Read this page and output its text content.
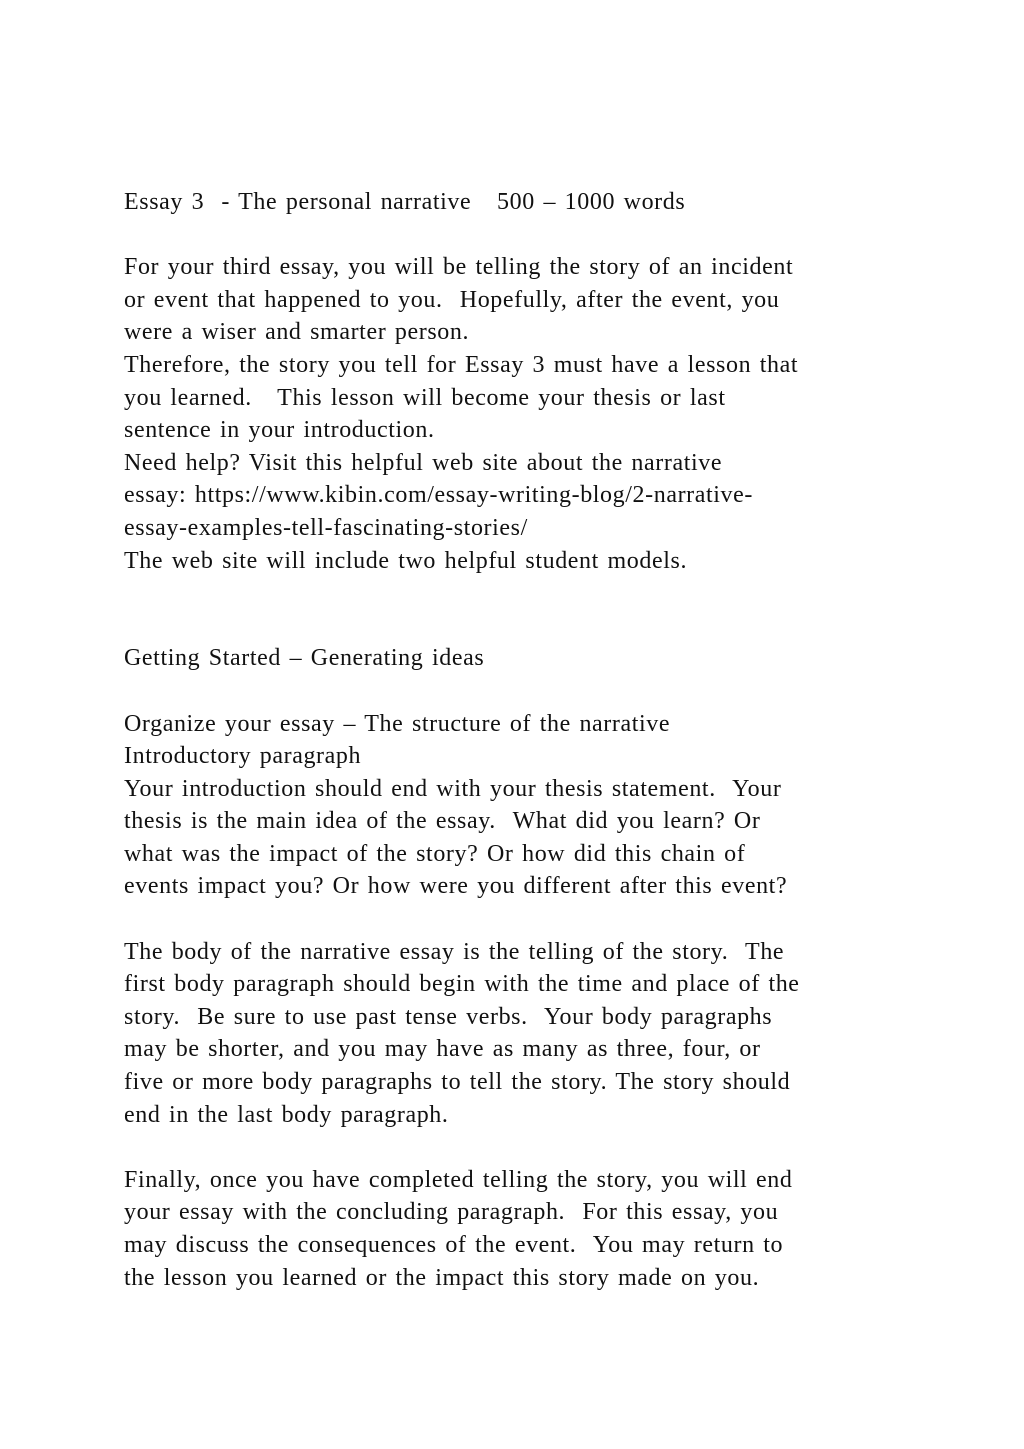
Essay 3  - The personal narrative   500 – 1000 words
For your third essay, you will be telling the story of an incident
or event that happened to you.  Hopefully, after the event, you
were a wiser and smarter person.
Therefore, the story you tell for Essay 3 must have a lesson that
you learned.   This lesson will become your thesis or last
sentence in your introduction.
Need help? Visit this helpful web site about the narrative
essay: https://www.kibin.com/essay-writing-blog/2-narrative-
essay-examples-tell-fascinating-stories/
The web site will include two helpful student models.
Getting Started – Generating ideas
Organize your essay – The structure of the narrative
Introductory paragraph
Your introduction should end with your thesis statement.  Your
thesis is the main idea of the essay.  What did you learn? Or
what was the impact of the story? Or how did this chain of
events impact you? Or how were you different after this event?
The body of the narrative essay is the telling of the story.  The
first body paragraph should begin with the time and place of the
story.  Be sure to use past tense verbs.  Your body paragraphs
may be shorter, and you may have as many as three, four, or
five or more body paragraphs to tell the story. The story should
end in the last body paragraph.
Finally, once you have completed telling the story, you will end
your essay with the concluding paragraph.  For this essay, you
may discuss the consequences of the event.  You may return to
the lesson you learned or the impact this story made on you.
